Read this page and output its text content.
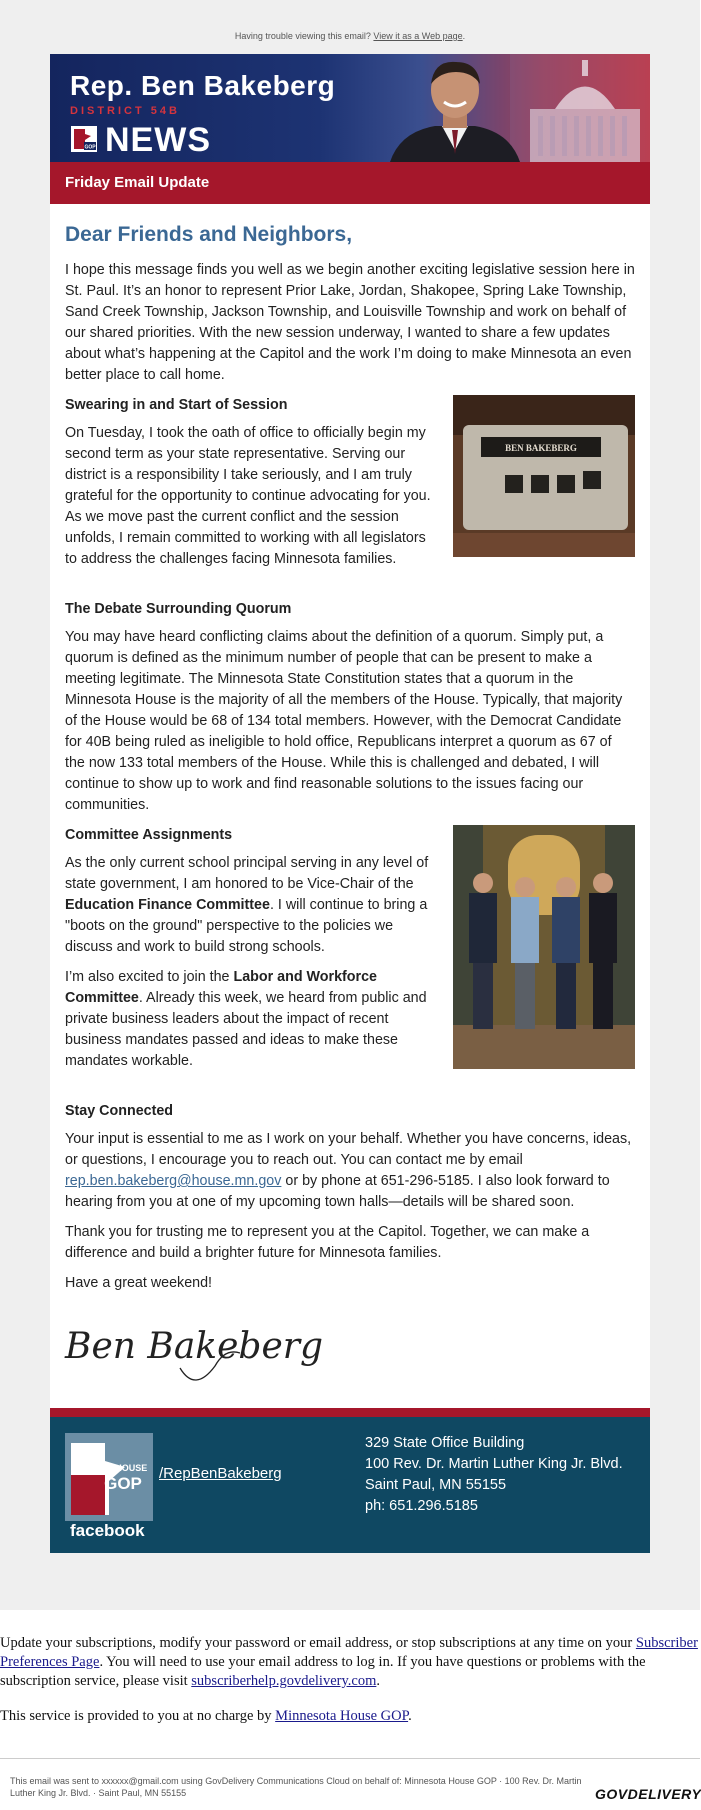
Having trouble viewing this email? View it as a Web page.
Rep. Ben Bakeberg
DISTRICT 54B
GOP NEWS
Friday Email Update
Dear Friends and Neighbors,

I hope this message finds you well as we begin another exciting legislative session here in St. Paul. It’s an honor to represent Prior Lake, Jordan, Shakopee, Spring Lake Township, Sand Creek Township, Jackson Township, and Louisville Township and work on behalf of our shared priorities. With the new session underway, I wanted to share a few updates about what’s happening at the Capitol and the work I’m doing to make Minnesota an even better place to call home.

Swearing in and Start of Session

On Tuesday, I took the oath of office to officially begin my second term as your state representative. Serving our district is a responsibility I take seriously, and I am truly grateful for the opportunity to continue advocating for you. As we move past the current conflict and the session unfolds, I remain committed to working with all legislators to address the challenges facing Minnesota families.

BEN BAKEBERG
The Debate Surrounding Quorum

You may have heard conflicting claims about the definition of a quorum. Simply put, a quorum is defined as the minimum number of people that can be present to make a meeting legitimate. The Minnesota State Constitution states that a quorum in the Minnesota House is the majority of all the members of the House. Typically, that majority of the House would be 68 of 134 total members. However, with the Democrat Candidate for 40B being ruled as ineligible to hold office, Republicans interpret a quorum as 67 of the now 133 total members of the House. While this is challenged and debated, I will continue to show up to work and find reasonable solutions to the issues facing our communities.

Committee Assignments

As the only current school principal serving in any level of state government, I am honored to be Vice-Chair of the Education Finance Committee. I will continue to bring a "boots on the ground" perspective to the policies we discuss and work to build strong schools.

I’m also excited to join the Labor and Workforce Committee. Already this week, we heard from public and private business leaders about the impact of recent business mandates passed and ideas to make these mandates workable.

Stay Connected

Your input is essential to me as I work on your behalf. Whether you have concerns, ideas, or questions, I encourage you to reach out. You can contact me by email rep.ben.bakeberg@house.mn.gov or by phone at 651-296-5185. I also look forward to hearing from you at one of my upcoming town halls—details will be shared soon.

Thank you for trusting me to represent you at the Capitol. Together, we can make a difference and build a brighter future for Minnesota families.

Have a great weekend!

Ben Bakeberg
MN HOUSE
GOP
facebook
/RepBenBakeberg
329 State Office Building
100 Rev. Dr. Martin Luther King Jr. Blvd.
Saint Paul, MN 55155
ph: 651.296.5185

Update your subscriptions, modify your password or email address, or stop subscriptions at any time on your Subscriber Preferences Page. You will need to use your email address to log in. If you have questions or problems with the subscription service, please visit subscriberhelp.govdelivery.com.

This service is provided to you at no charge by Minnesota House GOP.

This email was sent to xxxxxx@gmail.com using GovDelivery Communications Cloud on behalf of: Minnesota House GOP · 100 Rev. Dr. Martin Luther King Jr. Blvd. · Saint Paul, MN 55155	GOVDELIVERY
